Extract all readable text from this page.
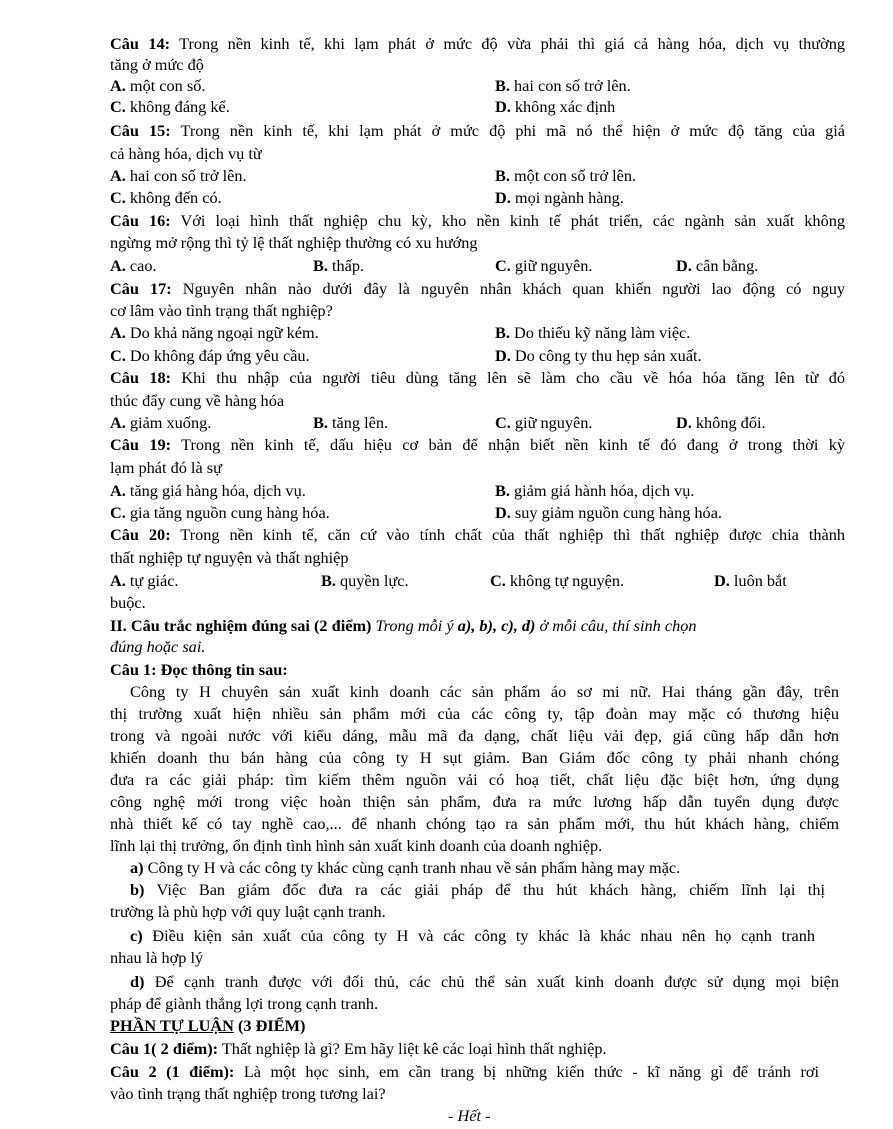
Câu 14: Trong nền kinh tế, khi lạm phát ở mức độ vừa phải thì giá cả hàng hóa, dịch vụ thường
tăng ở mức độ
A. một con số.	B. hai con số trở lên.
C. không đáng kể.	D. không xác định
Câu 15: Trong nền kinh tế, khi lạm phát ở mức độ phi mã nó thể hiện ở mức độ tăng của giá
cả hàng hóa, dịch vụ từ
A. hai con số trở lên.	B. một con số trở lên.
C. không đến có.	D. mọi ngành hàng.
Câu 16: Với loại hình thất nghiệp chu kỳ, kho nền kinh tế phát triển, các ngành sản xuất không
ngừng mở rộng thì tỷ lệ thất nghiệp thường có xu hướng
A. cao.	B. thấp.	C. giữ nguyên.	D. cân bằng.
Câu 17: Nguyên nhân nào dưới đây là nguyên nhân khách quan khiến người lao động có nguy
cơ lâm vào tình trạng thất nghiệp?
A. Do khả năng ngoại ngữ kém.	B. Do thiếu kỹ năng làm việc.
C. Do không đáp ứng yêu cầu.	D. Do công ty thu hẹp sản xuất.
Câu 18: Khi thu nhập của người tiêu dùng tăng lên sẽ làm cho cầu về hóa hóa tăng lên từ đó
thúc đẩy cung về hàng hóa
A. giảm xuống.	B. tăng lên.	C. giữ nguyên.	D. không đổi.
Câu 19: Trong nền kinh tế, dấu hiệu cơ bản để nhận biết nền kinh tế đó đang ở trong thời kỳ
lạm phát đó là sự
A. tăng giá hàng hóa, dịch vụ.	B. giảm giá hành hóa, dịch vụ.
C. gia tăng nguồn cung hàng hóa.	D. suy giảm nguồn cung hàng hóa.
Câu 20: Trong nền kinh tế, căn cứ vào tính chất của thất nghiệp thì thất nghiệp được chia thành
thất nghiệp tự nguyện và thất nghiệp
A. tự giác.	B. quyền lực.	C. không tự nguyện.	D. luôn bắt
buộc.
II. Câu trắc nghiệm đúng sai (2 điểm) Trong mỗi ý a), b), c), d) ở mỗi câu, thí sinh chọn
đúng hoặc sai.
Câu 1: Đọc thông tin sau:
Công ty H chuyên sản xuất kinh doanh các sản phẩm áo sơ mi nữ. Hai tháng gần đây, trên
thị trường xuất hiện nhiều sản phẩm mới của các công ty, tập đoàn may mặc có thương hiệu
trong và ngoài nước với kiểu dáng, mẫu mã đa dạng, chất liệu vải đẹp, giá cũng hấp dẫn hơn
khiến doanh thu bán hàng của công ty H sụt giảm. Ban Giám đốc công ty phải nhanh chóng
đưa ra các giải pháp: tìm kiếm thêm nguồn vải có hoạ tiết, chất liệu đặc biệt hơn, ứng dụng
công nghệ mới trong việc hoàn thiện sản phẩm, đưa ra mức lương hấp dẫn tuyển dụng được
nhà thiết kế có tay nghề cao,... để nhanh chóng tạo ra sản phẩm mới, thu hút khách hàng, chiếm
lĩnh lại thị trưởng, ổn định tình hình sản xuất kinh doanh của doanh nghiệp.
a) Công ty H và các công ty khác cùng cạnh tranh nhau về sản phẩm hàng may mặc.
b) Việc Ban giám đốc đưa ra các giải pháp để thu hút khách hàng, chiếm lĩnh lại thị
trường là phù hợp với quy luật cạnh tranh.
c) Điều kiện sản xuất của công ty H và các công ty khác là khác nhau nên họ cạnh tranh
nhau là hợp lý
d) Để cạnh tranh được với đối thủ, các chủ thể sản xuất kinh doanh được sử dụng mọi biện
pháp để giành thắng lợi trong cạnh tranh.
PHẦN TỰ LUẬN (3 ĐIỂM)
Câu 1( 2 điểm): Thất nghiệp là gì? Em hãy liệt kê các loại hình thất nghiệp.
Câu 2 (1 điểm): Là một học sinh, em cần trang bị những kiến thức - kĩ năng gì để tránh rơi
vào tình trạng thất nghiệp trong tương lai?
- Hết -
